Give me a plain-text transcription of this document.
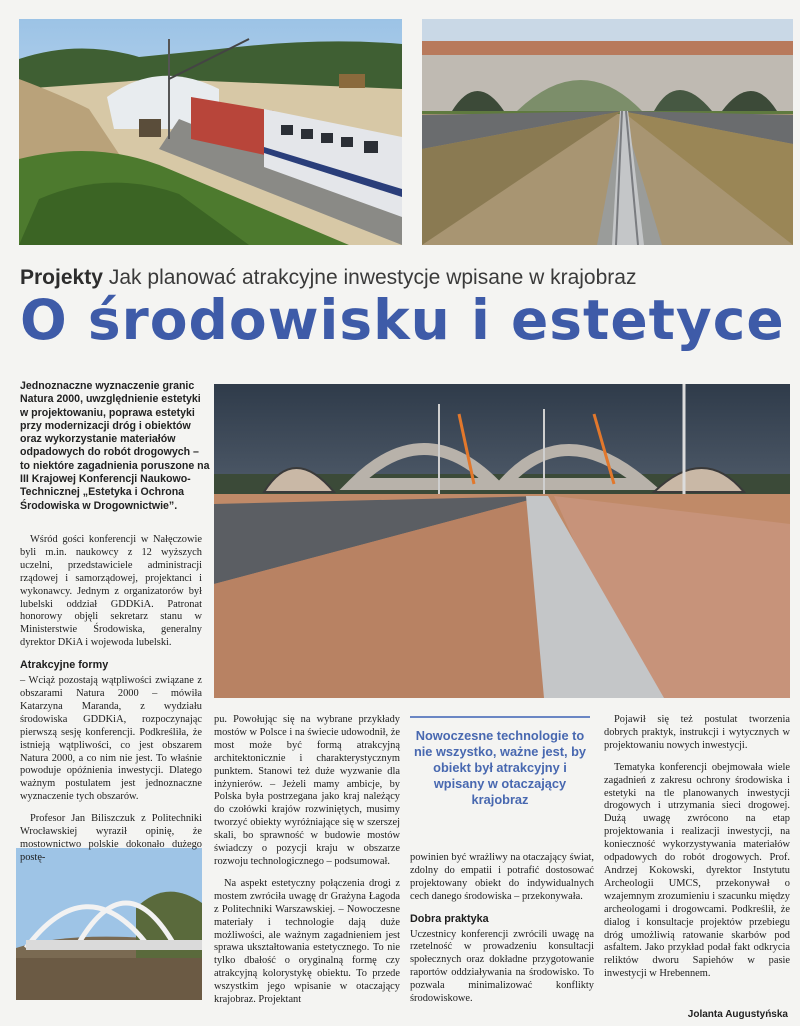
Projekty Jak planować atrakcyjne inwestycje wpisane w krajobraz
O środowisku i estetyce
Jednoznaczne wyznaczenie granic Natura 2000, uwzględnienie estetyki w projektowaniu, poprawa estetyki przy modernizacji dróg i obiektów oraz wykorzystanie materiałów odpadowych do robót drogowych – to niektóre zagadnienia poruszone na III Krajowej Konferencji Naukowo-Technicznej „Estetyka i Ochrona Środowiska w Drogownictwie”.

Wśród gości konferencji w Nałęczowie byli m.in. naukowcy z 12 wyższych uczelni, przedstawiciele administracji rządowej i samorządowej, projektanci i wykonawcy. Jednym z organizatorów był lubelski oddział GDDKiA. Patronat honorowy objęli sekretarz stanu w Ministerstwie Środowiska, generalny dyrektor DKiA i wojewoda lubelski.

Atrakcyjne formy

– Wciąż pozostają wątpliwości związane z obszarami Natura 2000 – mówiła Katarzyna Maranda, z wydziału środowiska GDDKiA, rozpoczynając pierwszą sesję konferencji. Podkreśliła, że istnieją wątpliwości, co jest obszarem Natura 2000, a co nim nie jest. To właśnie powoduje opóźnienia inwestycji. Dlatego ważnym postulatem jest jednoznaczne wyznaczenie tych obszarów.

Profesor Jan Biliszczuk z Politechniki Wrocławskiej wyraził opinię, że mostownictwo polskie dokonało dużego postę-

pu. Powołując się na wybrane przykłady mostów w Polsce i na świecie udowodnił, że most może być formą atrakcyjną architektonicznie i charakterystycznym punktem. Stanowi też duże wyzwanie dla inżynierów. – Jeżeli mamy ambicje, by Polska była postrzegana jako kraj należący do czołówki krajów rozwiniętych, musimy tworzyć obiekty wyróżniające się w szerszej skali, bo sprawność w budowie mostów świadczy o pozycji kraju w obszarze rozwoju technologicznego – podsumował.

Na aspekt estetyczny połączenia drogi z mostem zwróciła uwagę dr Grażyna Łagoda z Politechniki Warszawskiej. – Nowoczesne materiały i technologie dają duże możliwości, ale ważnym zagadnieniem jest sprawa ukształtowania estetycznego. To nie tylko dbałość o oryginalną formę czy atrakcyjną kolorystykę obiektu. To przede wszystkim jego wpisanie w otaczający krajobraz. Projektant

Nowoczesne technologie to nie wszystko, ważne jest, by obiekt był atrakcyjny i wpisany w otaczający krajobraz

powinien być wrażliwy na otaczający świat, zdolny do empatii i potrafić dostosować projektowany obiekt do indywidualnych cech danego środowiska – przekonywała.

Dobra praktyka

Uczestnicy konferencji zwrócili uwagę na rzetelność w prowadzeniu konsultacji społecznych oraz dokładne przygotowanie raportów oddziaływania na środowisko. To pozwala minimalizować konflikty środowiskowe.

Pojawił się też postulat tworzenia dobrych praktyk, instrukcji i wytycznych w projektowaniu nowych inwestycji.

Tematyka konferencji obejmowała wiele zagadnień z zakresu ochrony środowiska i estetyki na tle planowanych inwestycji drogowych i utrzymania sieci drogowej. Dużą uwagę zwrócono na etap projektowania i realizacji inwestycji, na konieczność wykorzystywania materiałów odpadowych do robót drogowych. Prof. Andrzej Kokowski, dyrektor Instytutu Archeologii UMCS, przekonywał o wzajemnym zrozumieniu i szacunku między archeologami i drogowcami. Podkreślił, że dialog i konsultacje projektów przebiegu dróg umożliwią ratowanie skarbów pod asfaltem. Jako przykład podał fakt odkrycia reliktów dworu Sapiehów w pasie inwestycji w Hrebennem.

Jolanta Augustyńska
